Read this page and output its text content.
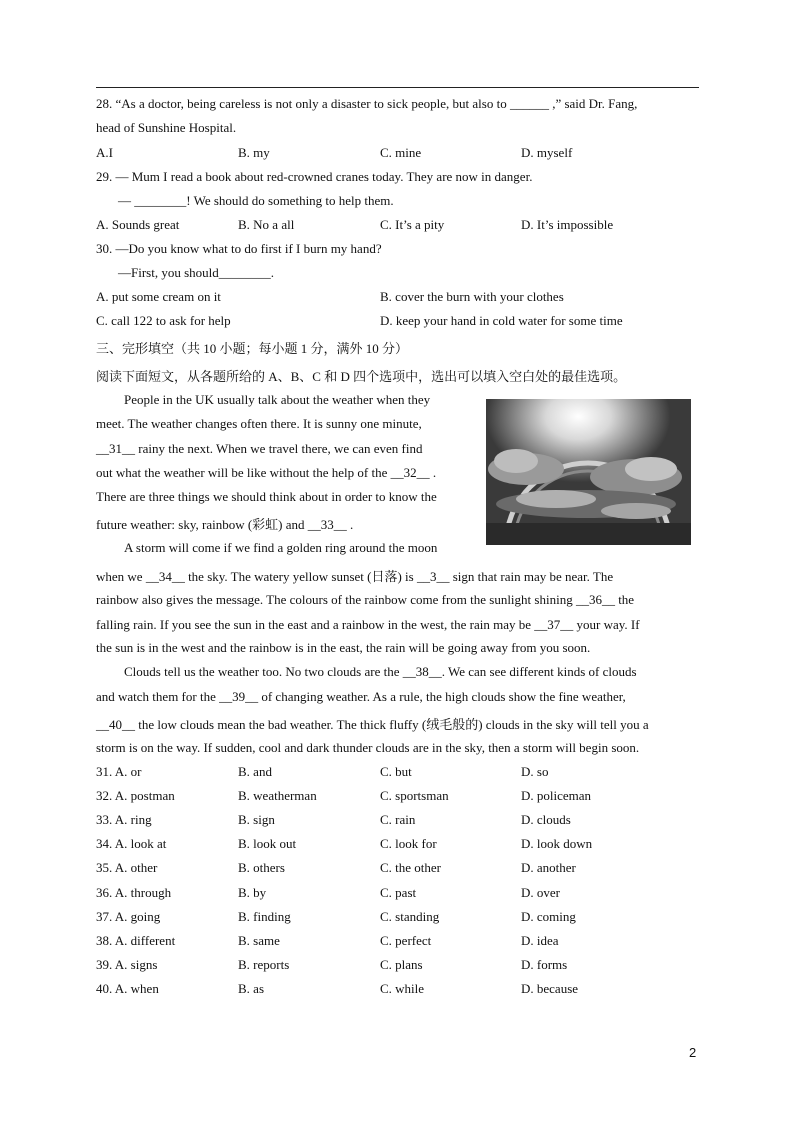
28. “As a doctor, being careless is not only a disaster to sick people, but also to ______ ,” said Dr. Fang,
head of Sunshine Hospital.
A.I	B. my	C. mine	D. myself
29. — Mum I read a book about red-crowned cranes today. They are now in danger.
— ________! We should do something to help them.
A. Sounds great	B. No a all	C. It’s a pity	D. It’s impossible
30. —Do you know what to do first if I burn my hand?
—First, you should________.
A. put some cream on it	B. cover the burn with your clothes
C. call 122 to ask for help	D. keep your hand in cold water for some time
三、完形填空（共 10 小题；每小题 1 分，满外 10 分）
阅读下面短文，从各题所给的 A、B、C 和 D 四个选项中，选出可以填入空白处的最佳选项。
People in the UK usually talk about the weather when they
meet. The weather changes often there. It is sunny one minute,
__31__ rainy the next. When we travel there, we can even find
out what the weather will be like without the help of the __32__ .
There are three things we should think about in order to know the
future weather: sky, rainbow (彩虹) and __33__ .
A storm will come if we find a golden ring around the moon
when we __34__ the sky. The watery yellow sunset (日落) is __3__ sign that rain may be near. The
rainbow also gives the message. The colours of the rainbow come from the sunlight shining __36__ the
falling rain. If you see the sun in the east and a rainbow in the west, the rain may be __37__ your way. If
the sun is in the west and the rainbow is in the east, the rain will be going away from you soon.
Clouds tell us the weather too. No two clouds are the __38__. We can see different kinds of clouds
and watch them for the __39__ of changing weather. As a rule, the high clouds show the fine weather,
__40__ the low clouds mean the bad weather. The thick fluffy (绒毛般的) clouds in the sky will tell you a
storm is on the way. If sudden, cool and dark thunder clouds are in the sky, then a storm will begin soon.
31. A. or	B. and	C. but	D. so
32. A. postman	B. weatherman	C. sportsman	D. policeman
33. A. ring	B. sign	C. rain	D. clouds
34. A. look at	B. look out	C. look for	D. look down
35. A. other	B. others	C. the other	D. another
36. A. through	B. by	C. past	D. over
37. A. going	B. finding	C. standing	D. coming
38. A. different	B. same	C. perfect	D. idea
39. A. signs	B. reports	C. plans	D. forms
40. A. when	B. as	C. while	D. because
2
